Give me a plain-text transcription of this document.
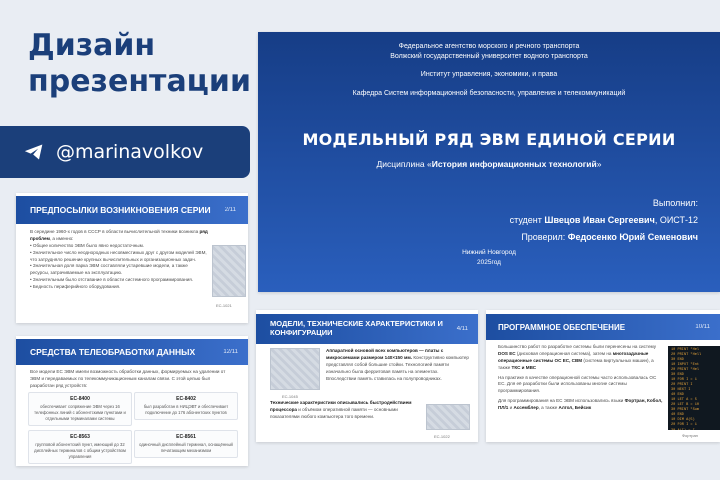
Дизайн презентации
@marinavolkov
Федеральное агентство морского и речного транспорта
Волжский государственный университет водного транспорта
Институт управления, экономики, и права
Кафедра Систем информационной безопасности, управления и телекоммуникаций
МОДЕЛЬНЫЙ РЯД ЭВМ ЕДИНОЙ СЕРИИ
Дисциплина «История информационных технологий»
Выполнил:
студент Швецов Иван Сергеевич, ОИСТ-12
Проверил: Федосенко Юрий Семенович
Нижний Новгород
2025год
ПРЕДПОСЫЛКИ ВОЗНИКНОВЕНИЯ СЕРИИ 2/11
В середине 1960-х годов в СССР в области вычислительной техники возникла ряд проблем, а именно:
• Общее количество ЭВМ было явно недостаточным.
• Значительное число неоднородных несовместимых друг с другом моделей ЭВМ, что затрудняло решение крупных вычислительных и организационных задач.
• Значительная доля парка ЭВМ составляли устаревшие модели, а также ресурсы, затрачиваемые на эксплуатацию.
• Значительным было отставание в области системного программирования.
• Бедность периферийного оборудования.
ЕС-1021
СРЕДСТВА ТЕЛЕОБРАБОТКИ ДАННЫХ	12/11
Все модели ЕС ЭВМ имели возможность обработки данных, формируемых на удалении от ЭВМ и передаваемых по телекоммуникационным каналам связи. С этой целью был разработан ряд устройств:
ЕС-8400
обеспечивает сопряжение ЭВМ через 16 телефонных линий с абонентскими пунктами и отдельными терминалами системы
ЕС-8402
был разработан в НИЦЭВТ и обеспечивает подключение до 176 абонентских пунктов
ЕС-8563
групповой абонентский пункт, имеющий до 32 дисплейных терминалов с общим устройством управления
ЕС-8561
одиночный дисплейный терминал, оснащённый печатающим механизмом
МОДЕЛИ, ТЕХНИЧЕСКИЕ ХАРАКТЕРИСТИКИ И КОНФИГУРАЦИИ	4/11
ЕС-1045
Аппаратной основой всех компьютеров — платы с микросхемами размером 140×150 мм. Конструктивно компьютер представлял собой большие стойки. Технологией памяти изначально была ферритовая память на элементах. Впоследствии память ставилась на полупроводниках.
Технические характеристики описывались быстродействием процессора и объёмом оперативной памяти — основными показателями любого компьютера того времени.
ЕС-1022
ПРОГРАММНОЕ ОБЕСПЕЧЕНИЕ	10/11

Большинство работ по разработке системы были перенесены на систему DOS ЕС (дисковая операционная система), затем на многозадачные операционные системы ОС ЕС, СВМ (система виртуальных машин), а также ТКС и МВС

На практике в качестве операционной системы часто использовалась ОС ЕС. Для её разработки были использованы многие системы программирования.

Для программирования на ЕС ЭВМ использовались языки Фортран, Кобол, ПЛ/1 и Ассемблер, а также Алгол, Бейсик

10 PRINT "Hel
20 PRINT "Hell
30 END
10 INPUT "Ent
20 PRINT "Hel
30 END
10 FOR I = 1
20 PRINT I
30 NEXT I
40 END
10 LET A = 5
20 LET B = 10
30 PRINT "Sum
40 END
10 DIM A(5)
20 FOR I = 1
Фортран
